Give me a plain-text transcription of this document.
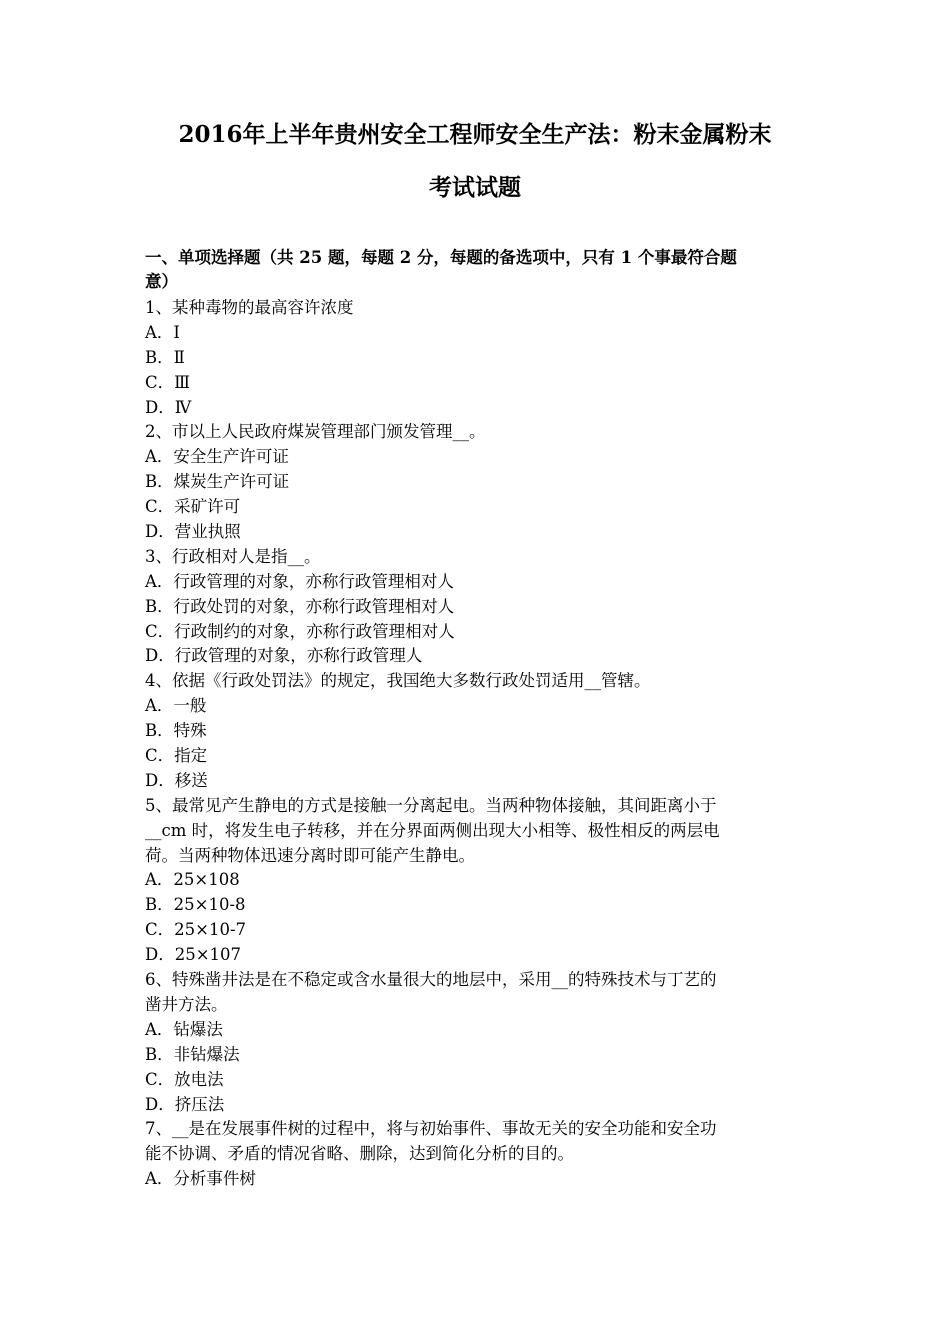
2016年上半年贵州安全工程师安全生产法：粉末金属粉末
考试试题
一、单项选择题（共 25 题，每题 2 分，每题的备选项中，只有 1 个事最符合题
意）
1、某种毒物的最高容许浓度
A．Ⅰ
B．Ⅱ
C．Ⅲ
D．Ⅳ
2、市以上人民政府煤炭管理部门颁发管理__。
A．安全生产许可证
B．煤炭生产许可证
C．采矿许可
D．营业执照
3、行政相对人是指__。
A．行政管理的对象，亦称行政管理相对人
B．行政处罚的对象，亦称行政管理相对人
C．行政制约的对象，亦称行政管理相对人
D．行政管理的对象，亦称行政管理人
4、依据《行政处罚法》的规定，我国绝大多数行政处罚适用__管辖。
A．一般
B．特殊
C．指定
D．移送
5、最常见产生静电的方式是接触一分离起电。当两种物体接触，其间距离小于
__cm 时，将发生电子转移，并在分界面两侧出现大小相等、极性相反的两层电
荷。当两种物体迅速分离时即可能产生静电。
A．25×108
B．25×10-8
C．25×10-7
D．25×107
6、特殊凿井法是在不稳定或含水量很大的地层中，采用__的特殊技术与丁艺的
凿井方法。
A．钻爆法
B．非钻爆法
C．放电法
D．挤压法
7、__是在发展事件树的过程中，将与初始事件、事故无关的安全功能和安全功
能不协调、矛盾的情况省略、删除，达到简化分析的目的。
A．分析事件树
